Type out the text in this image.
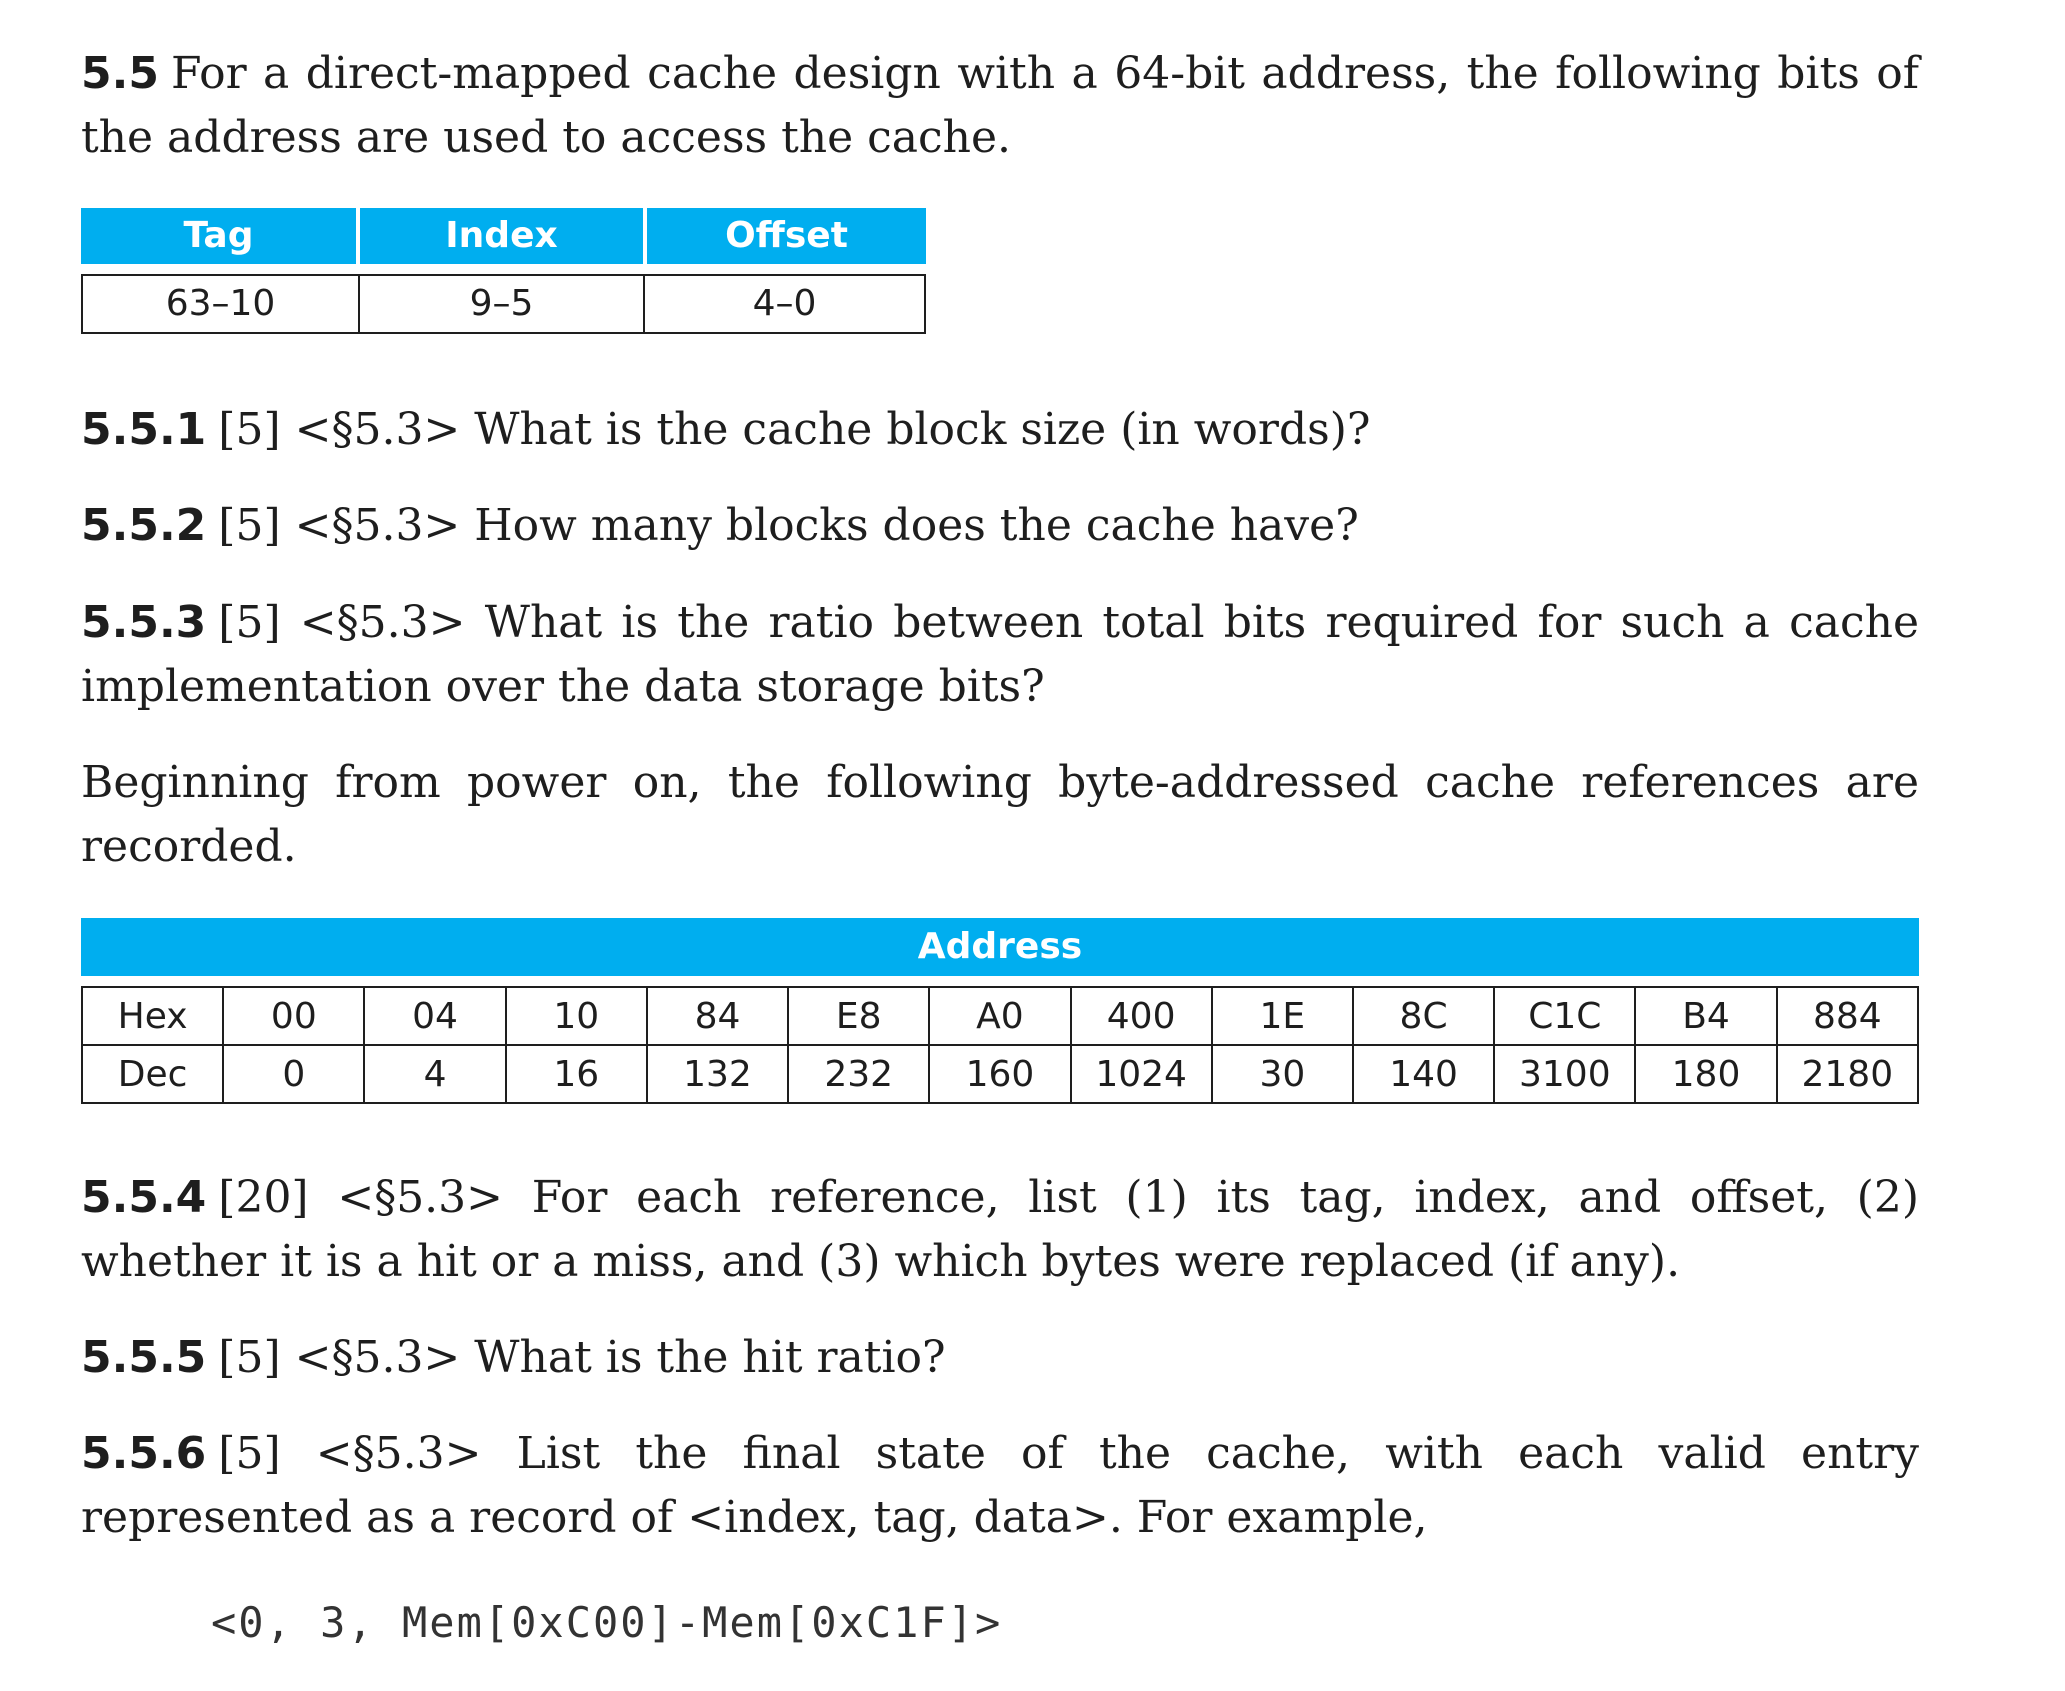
5.5 For a direct-mapped cache design with a 64-bit address, the following bits of the address are used to access the cache.

Tag	Index	Offset
63–10	9–5	4–0

5.5.1 [5] <§5.3> What is the cache block size (in words)?

5.5.2 [5] <§5.3> How many blocks does the cache have?

5.5.3 [5] <§5.3> What is the ratio between total bits required for such a cache implementation over the data storage bits?

Beginning from power on, the following byte-addressed cache references are recorded.

Address
Hex	00	04	10	84	E8	A0	400	1E	8C	C1C	B4	884
Dec	0	4	16	132	232	160	1024	30	140	3100	180	2180

5.5.4 [20] <§5.3> For each reference, list (1) its tag, index, and offset, (2) whether it is a hit or a miss, and (3) which bytes were replaced (if any).

5.5.5 [5] <§5.3> What is the hit ratio?

5.5.6 [5] <§5.3> List the final state of the cache, with each valid entry represented as a record of <index, tag, data>. For example,

<0, 3, Mem[0xC00]-Mem[0xC1F]>
